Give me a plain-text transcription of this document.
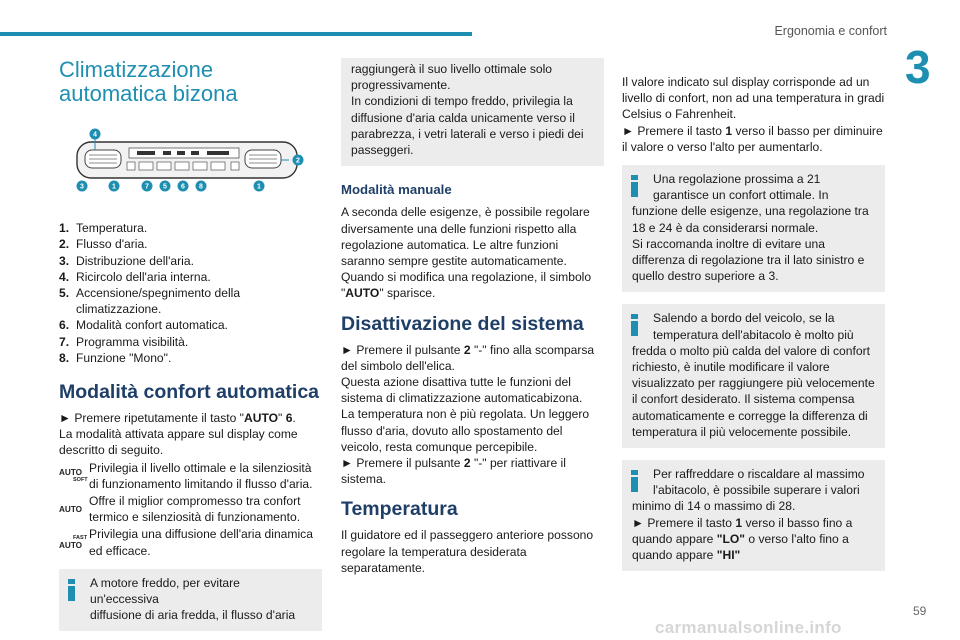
Ergonomia e confort
3
Climatizzazione
automatica bizona
4
2
3	1	7 5 6 8	1
1. Temperatura.
2. Flusso d'aria.
3. Distribuzione dell'aria.
4. Ricircolo dell'aria interna.
5. Accensione/spegnimento della climatizzazione.
6. Modalità confort automatica.
7. Programma visibilità.
8. Funzione "Mono".
Modalità confort automatica

► Premere ripetutamente il tasto "AUTO" 6.

La modalità attivata appare sul display come descritto di seguito.

AUTO
SOFT
Privilegia il livello ottimale e la silenziosità di funzionamento limitando il flusso d'aria.
AUTO
Offre il miglior compromesso tra confort termico e silenziosità di funzionamento.
FAST
AUTO
Privilegia una diffusione dell'aria dinamica ed efficace.

A motore freddo, per evitare un'eccessiva

diffusione di aria fredda, il flusso d'aria

raggiungerà il suo livello ottimale solo progressivamente.

In condizioni di tempo freddo, privilegia la diffusione d'aria calda unicamente verso il parabrezza, i vetri laterali e verso i piedi dei passeggeri.

Modalità manuale

A seconda delle esigenze, è possibile regolare diversamente una delle funzioni rispetto alla regolazione automatica. Le altre funzioni saranno sempre gestite automaticamente.

Quando si modifica una regolazione, il simbolo "AUTO" sparisce.

Disattivazione del sistema

► Premere il pulsante 2 "-" fino alla scomparsa del simbolo dell'elica.

Questa azione disattiva tutte le funzioni del sistema di climatizzazione automaticabizona.

La temperatura non è più regolata. Un leggero flusso d'aria, dovuto allo spostamento del veicolo, resta comunque percepibile.

► Premere il pulsante 2 "-" per riattivare il sistema.

Temperatura

Il guidatore ed il passeggero anteriore possono regolare la temperatura desiderata separatamente.

Il valore indicato sul display corrisponde ad un livello di confort, non ad una temperatura in gradi Celsius o Fahrenheit.

► Premere il tasto 1 verso il basso per diminuire il valore o verso l'alto per aumentarlo.

Una regolazione prossima a 21 garantisce un confort ottimale. In

funzione delle esigenze, una regolazione tra 18 e 24 è da considerarsi normale.

Si raccomanda inoltre di evitare una differenza di regolazione tra il lato sinistro e quello destro superiore a 3.

Salendo a bordo del veicolo, se la temperatura dell'abitacolo è molto più

fredda o molto più calda del valore di confort richiesto, è inutile modificare il valore visualizzato per raggiungere più velocemente il confort desiderato. Il sistema compensa automaticamente e corregge la differenza di temperatura il più velocemente possibile.

Per raffreddare o riscaldare al massimo l'abitacolo, è possibile superare i valori

minimo di 14 o massimo di 28.

► Premere il tasto 1 verso il basso fino a quando appare "LO" o verso l'alto fino a quando appare "HI"

59
carmanualsonline.info
